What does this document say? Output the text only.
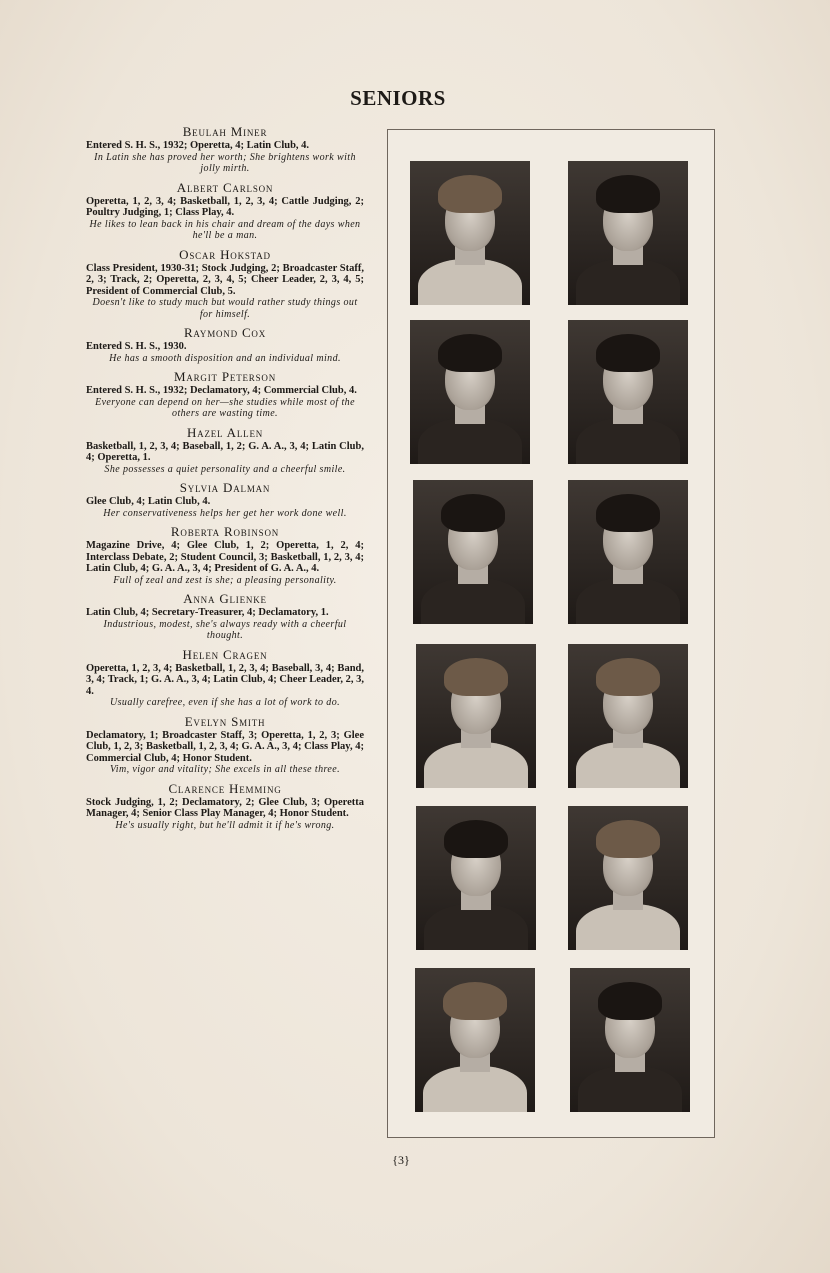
SENIORS
Beulah Miner
Entered S. H. S., 1932; Operetta, 4; Latin Club, 4.
In Latin she has proved her worth; She brightens work with jolly mirth.
Albert Carlson
Operetta, 1, 2, 3, 4; Basketball, 1, 2, 3, 4; Cattle Judging, 2; Poultry Judging, 1; Class Play, 4.
He likes to lean back in his chair and dream of the days when he'll be a man.
Oscar Hokstad
Class President, 1930-31; Stock Judging, 2; Broadcaster Staff, 2, 3; Track, 2; Operetta, 2, 3, 4, 5; Cheer Leader, 2, 3, 4, 5; President of Commercial Club, 5.
Doesn't like to study much but would rather study things out for himself.
Raymond Cox
Entered S. H. S., 1930.
He has a smooth disposition and an individual mind.
Margit Peterson
Entered S. H. S., 1932; Declamatory, 4; Commercial Club, 4.
Everyone can depend on her—she studies while most of the others are wasting time.
Hazel Allen
Basketball, 1, 2, 3, 4; Baseball, 1, 2; G. A. A., 3, 4; Latin Club, 4; Operetta, 1.
She possesses a quiet personality and a cheerful smile.
Sylvia Dalman
Glee Club, 4; Latin Club, 4.
Her conservativeness helps her get her work done well.
Roberta Robinson
Magazine Drive, 4; Glee Club, 1, 2; Operetta, 1, 2, 4; Interclass Debate, 2; Student Council, 3; Basketball, 1, 2, 3, 4; Latin Club, 4; G. A. A., 3, 4; President of G. A. A., 4.
Full of zeal and zest is she; a pleasing personality.
Anna Glienke
Latin Club, 4; Secretary-Treasurer, 4; Declamatory, 1.
Industrious, modest, she's always ready with a cheerful thought.
Helen Cragen
Operetta, 1, 2, 3, 4; Basketball, 1, 2, 3, 4; Baseball, 3, 4; Band, 3, 4; Track, 1; G. A. A., 3, 4; Latin Club, 4; Cheer Leader, 2, 3, 4.
Usually carefree, even if she has a lot of work to do.
Evelyn Smith
Declamatory, 1; Broadcaster Staff, 3; Operetta, 1, 2, 3; Glee Club, 1, 2, 3; Basketball, 1, 2, 3, 4; G. A. A., 3, 4; Class Play, 4; Commercial Club, 4; Honor Student.
Vim, vigor and vitality; She excels in all these three.
Clarence Hemming
Stock Judging, 1, 2; Declamatory, 2; Glee Club, 3; Operetta Manager, 4; Senior Class Play Manager, 4; Honor Student.
He's usually right, but he'll admit it if he's wrong.
{3}
